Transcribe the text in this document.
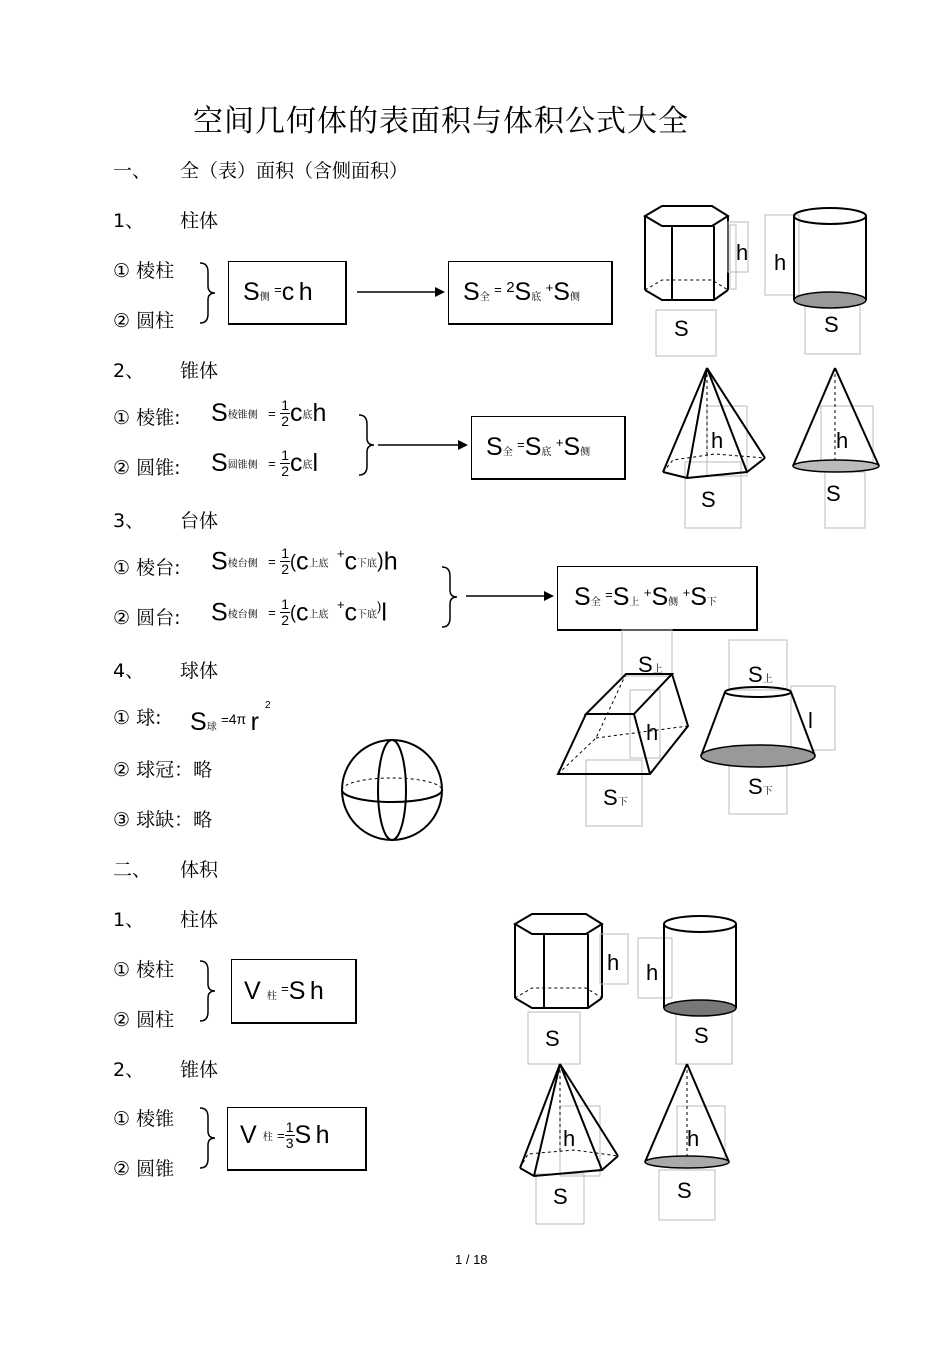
空间几何体的表面积与体积公式大全
一、 全（表）面积（含侧面积）
1、 柱体
① 棱柱
② 圆柱
S侧 =c h	S全 = 2S底 +S侧
h
S
h
S
2、 锥体
① 棱锥:
② 圆锥:
S棱锥侧 = $\frac{1}{2}$ c底h
S圆锥侧 = $\frac{1}{2}$ c底l
S全 =S底 +S侧	h
S
h
S
3、 台体
① 棱台:
② 圆台:
S棱台侧 = $\frac{1}{2} (c$上底 +c下底)h
S棱台侧 = $\frac{1}{2} (c$上底 +c下底)l
S全 =S上 +S侧 +S下
S上
h
S下
S上
l
S下
4、 球体
① 球: S球 =4π $r^2$
② 球冠：略
③ 球缺：略
二、 体积
1、 柱体
① 棱柱
② 圆柱
V柱 =S h
h
S
h
S
2、 锥体
① 棱锥
② 圆锥
V柱 = $\frac{1}{3}$ S h	h
S
h
S
1 / 18
